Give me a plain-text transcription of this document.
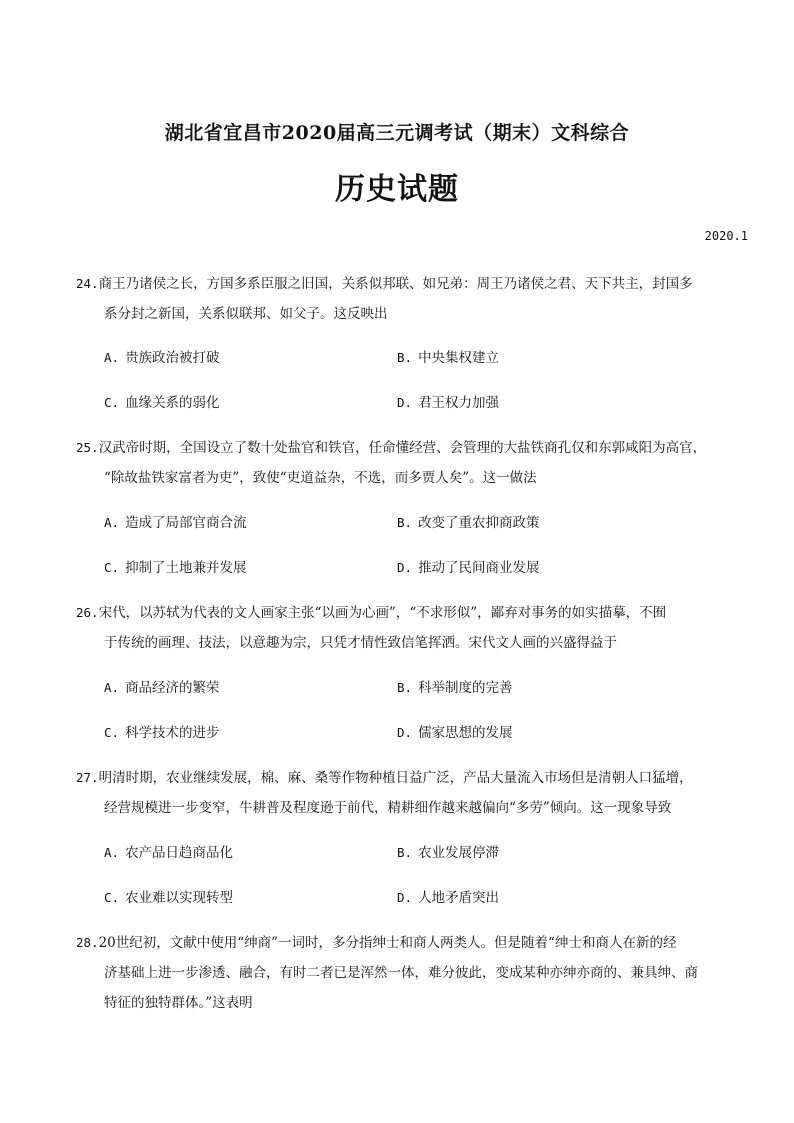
湖北省宜昌市2020届高三元调考试（期末）文科综合
历史试题
2020.1
24.商王乃诸侯之长，方国多系臣服之旧国，关系似邦联、如兄弟：周王乃诸侯之君、天下共主，封国多
系分封之新国，关系似联邦、如父子。这反映出
A. 贵族政治被打破	B. 中央集权建立
C. 血缘关系的弱化	D. 君王权力加强
25.汉武帝时期，全国设立了数十处盐官和铁官，任命懂经营、会管理的大盐铁商孔仅和东郭咸阳为高官，
“除故盐铁家富者为吏”，致使“吏道益杂，不选，而多贾人矣”。这一做法
A. 造成了局部官商合流	B. 改变了重农抑商政策
C. 抑制了土地兼并发展	D. 推动了民间商业发展
26.宋代，以苏轼为代表的文人画家主张“以画为心画”，“不求形似”，鄙弃对事务的如实描摹，不囿
于传统的画理、技法，以意趣为宗，只凭才情性致信笔挥洒。宋代文人画的兴盛得益于
A. 商品经济的繁荣	B. 科举制度的完善
C. 科学技术的进步	D. 儒家思想的发展
27.明清时期，农业继续发展，棉、麻、桑等作物种植日益广泛，产品大量流入市场但是清朝人口猛增，
经营规模进一步变窄，牛耕普及程度逊于前代，精耕细作越来越偏向“多劳”倾向。这一现象导致
A. 农产品日趋商品化	B. 农业发展停滞
C. 农业难以实现转型	D. 人地矛盾突出
28.20世纪初，文献中使用“绅商”一词时，多分指绅士和商人两类人。但是随着“绅士和商人在新的经
济基础上进一步渗透、融合，有时二者已是浑然一体，难分彼此，变成某种亦绅亦商的、兼具绅、商
特征的独特群体。”这表明
